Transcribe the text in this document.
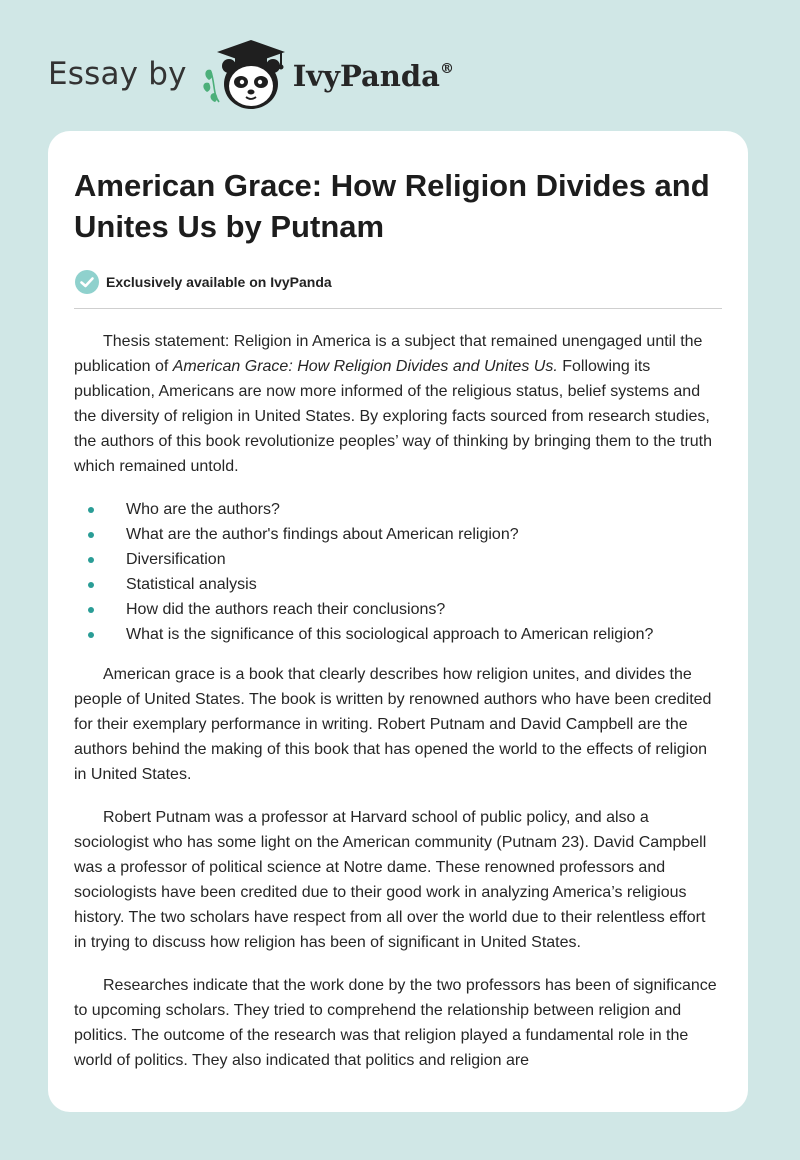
Essay by	IvyPanda®
American Grace: How Religion Divides and Unites Us by Putnam
Exclusively available on IvyPanda

Thesis statement: Religion in America is a subject that remained unengaged until the publication of American Grace: How Religion Divides and Unites Us. Following its publication, Americans are now more informed of the religious status, belief systems and the diversity of religion in United States. By exploring facts sourced from research studies, the authors of this book revolutionize peoples’ way of thinking by bringing them to the truth which remained untold.

Who are the authors?
What are the author's findings about American religion?
Diversification
Statistical analysis
How did the authors reach their conclusions?
What is the significance of this sociological approach to American religion?

American grace is a book that clearly describes how religion unites, and divides the people of United States. The book is written by renowned authors who have been credited for their exemplary performance in writing. Robert Putnam and David Campbell are the authors behind the making of this book that has opened the world to the effects of religion in United States.

Robert Putnam was a professor at Harvard school of public policy, and also a sociologist who has some light on the American community (Putnam 23). David Campbell was a professor of political science at Notre dame. These renowned professors and sociologists have been credited due to their good work in analyzing America’s religious history. The two scholars have respect from all over the world due to their relentless effort in trying to discuss how religion has been of significant in United States.

Researches indicate that the work done by the two professors has been of significance to upcoming scholars. They tried to comprehend the relationship between religion and politics. The outcome of the research was that religion played a fundamental role in the world of politics. They also indicated that politics and religion are
